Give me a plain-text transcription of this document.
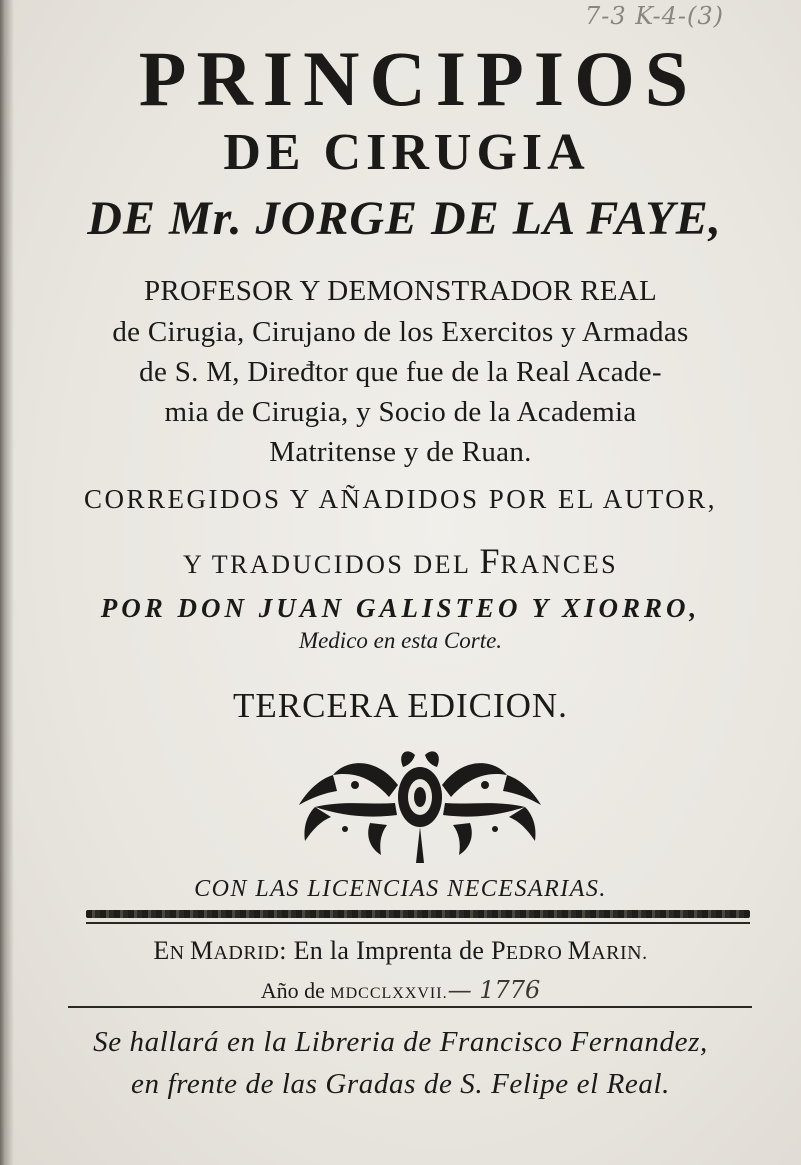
7-3 K-4-(3)
PRINCIPIOS
DE CIRUGIA
DE Mr. JORGE DE LA FAYE,
PROFESOR Y DEMONSTRADOR REAL
de Cirugia, Cirujano de los Exercitos y Armadas
de S. M, Diređtor que fue de la Real Acade-
mia de Cirugia, y Socio de la Academia
Matritense y de Ruan.
CORREGIDOS Y AÑADIDOS POR EL AUTOR,
Y TRADUCIDOS DEL FRANCES
POR DON JUAN GALISTEO Y XIORRO,
Medico en esta Corte.
TERCERA EDICION.
CON LAS LICENCIAS NECESARIAS.
EN MADRID: En la Imprenta de PEDRO MARIN.
Año de MDCCLXXVII.— 1776
Se hallará en la Libreria de Francisco Fernandez,
en frente de las Gradas de S. Felipe el Real.
